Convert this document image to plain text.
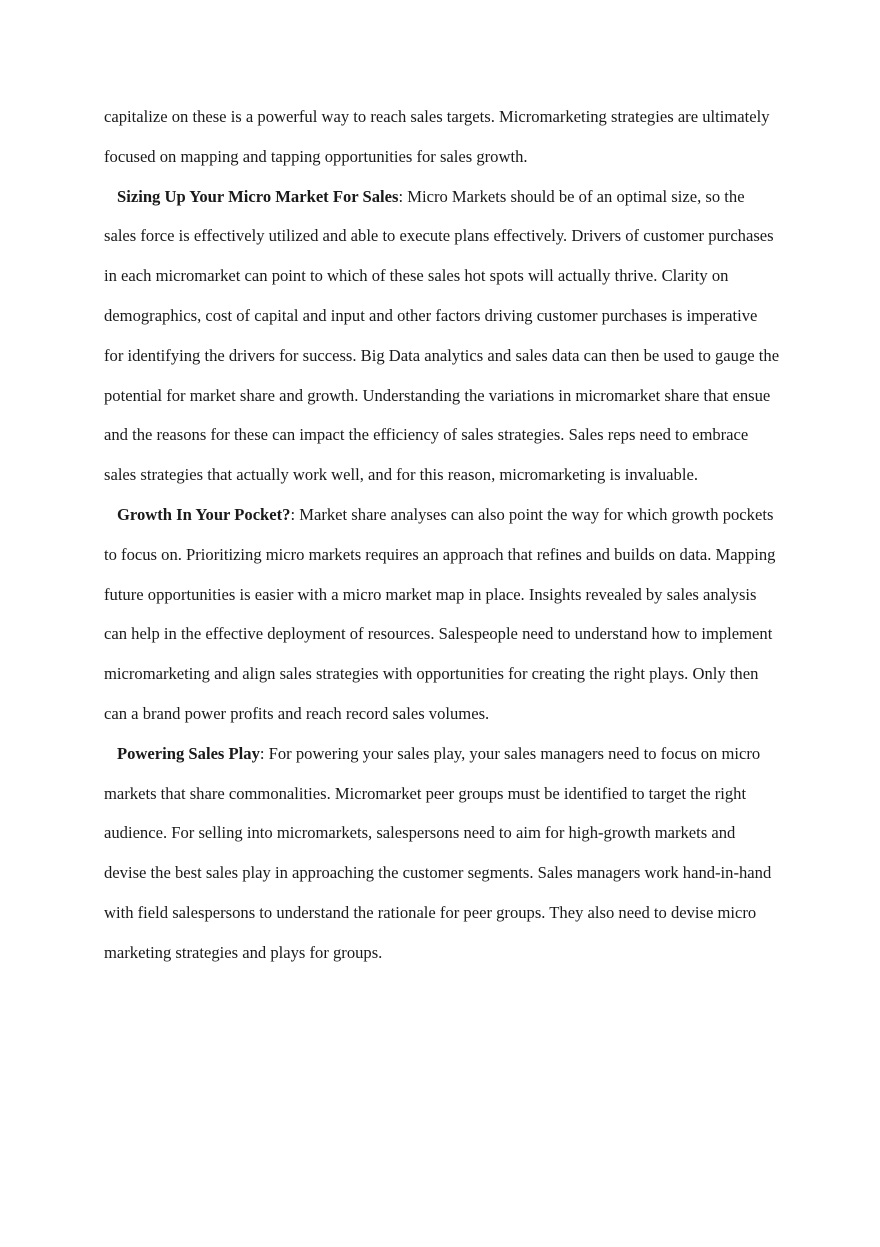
capitalize on these is a powerful way to reach sales targets. Micromarketing strategies are ultimately focused on mapping and tapping opportunities for sales growth.

Sizing Up Your Micro Market For Sales: Micro Markets should be of an optimal size, so the sales force is effectively utilized and able to execute plans effectively. Drivers of customer purchases in each micromarket can point to which of these sales hot spots will actually thrive. Clarity on demographics, cost of capital and input and other factors driving customer purchases is imperative for identifying the drivers for success. Big Data analytics and sales data can then be used to gauge the potential for market share and growth. Understanding the variations in micromarket share that ensue and the reasons for these can impact the efficiency of sales strategies. Sales reps need to embrace sales strategies that actually work well, and for this reason, micromarketing is invaluable.

Growth In Your Pocket?: Market share analyses can also point the way for which growth pockets to focus on. Prioritizing micro markets requires an approach that refines and builds on data. Mapping future opportunities is easier with a micro market map in place. Insights revealed by sales analysis can help in the effective deployment of resources. Salespeople need to understand how to implement micromarketing and align sales strategies with opportunities for creating the right plays. Only then can a brand power profits and reach record sales volumes.

Powering Sales Play: For powering your sales play, your sales managers need to focus on micro markets that share commonalities. Micromarket peer groups must be identified to target the right audience. For selling into micromarkets, salespersons need to aim for high-growth markets and devise the best sales play in approaching the customer segments. Sales managers work hand-in-hand with field salespersons to understand the rationale for peer groups. They also need to devise micro marketing strategies and plays for groups.
